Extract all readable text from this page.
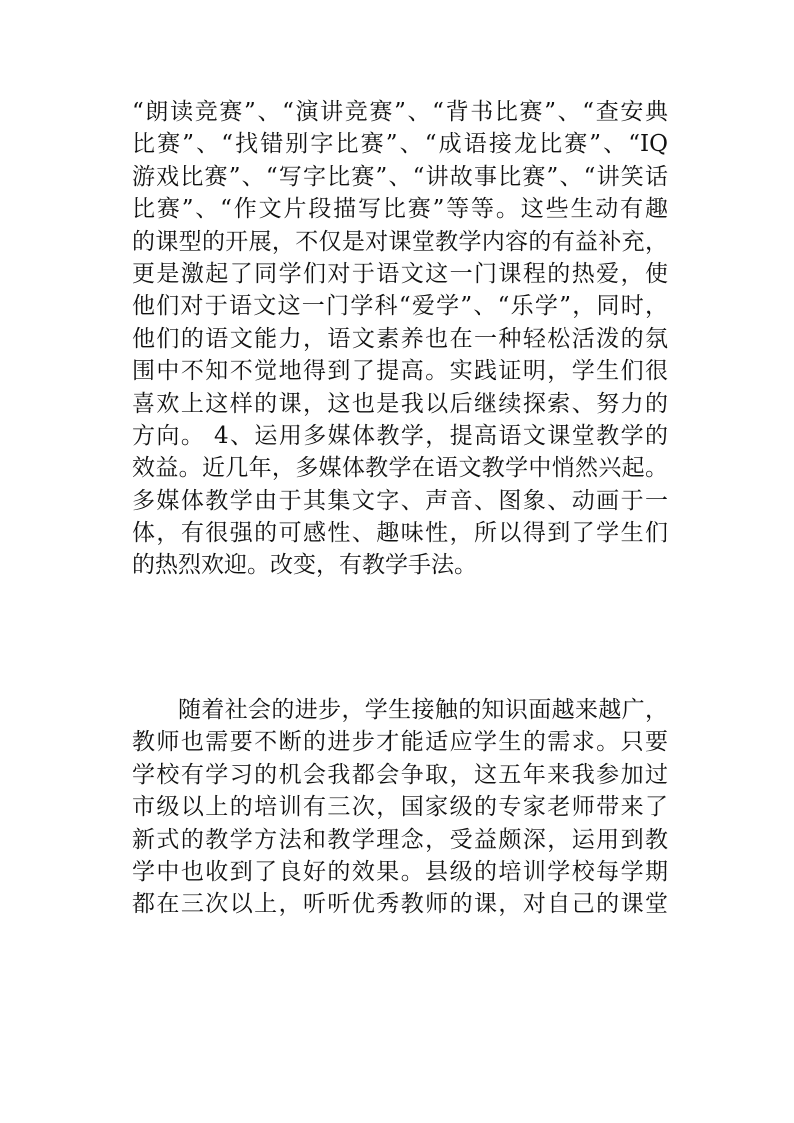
“朗读竞赛”、“演讲竞赛”、“背书比赛”、“查安典
比赛”、“找错别字比赛”、“成语接龙比赛”、“IQ
游戏比赛”、“写字比赛”、“讲故事比赛”、“讲笑话
比赛”、“作文片段描写比赛”等等。这些生动有趣
的课型的开展，不仅是对课堂教学内容的有益补充，
更是激起了同学们对于语文这一门课程的热爱，使
他们对于语文这一门学科“爱学”、“乐学”，同时，
他们的语文能力，语文素养也在一种轻松活泼的氛
围中不知不觉地得到了提高。实践证明，学生们很
喜欢上这样的课，这也是我以后继续探索、努力的
方向。 4、运用多媒体教学，提高语文课堂教学的
效益。近几年，多媒体教学在语文教学中悄然兴起。
多媒体教学由于其集文字、声音、图象、动画于一
体，有很强的可感性、趣味性，所以得到了学生们
的热烈欢迎。改变，有教学手法。
随着社会的进步，学生接触的知识面越来越广，
教师也需要不断的进步才能适应学生的需求。只要
学校有学习的机会我都会争取，这五年来我参加过
市级以上的培训有三次，国家级的专家老师带来了
新式的教学方法和教学理念，受益颇深，运用到教
学中也收到了良好的效果。县级的培训学校每学期
都在三次以上，听听优秀教师的课，对自己的课堂
